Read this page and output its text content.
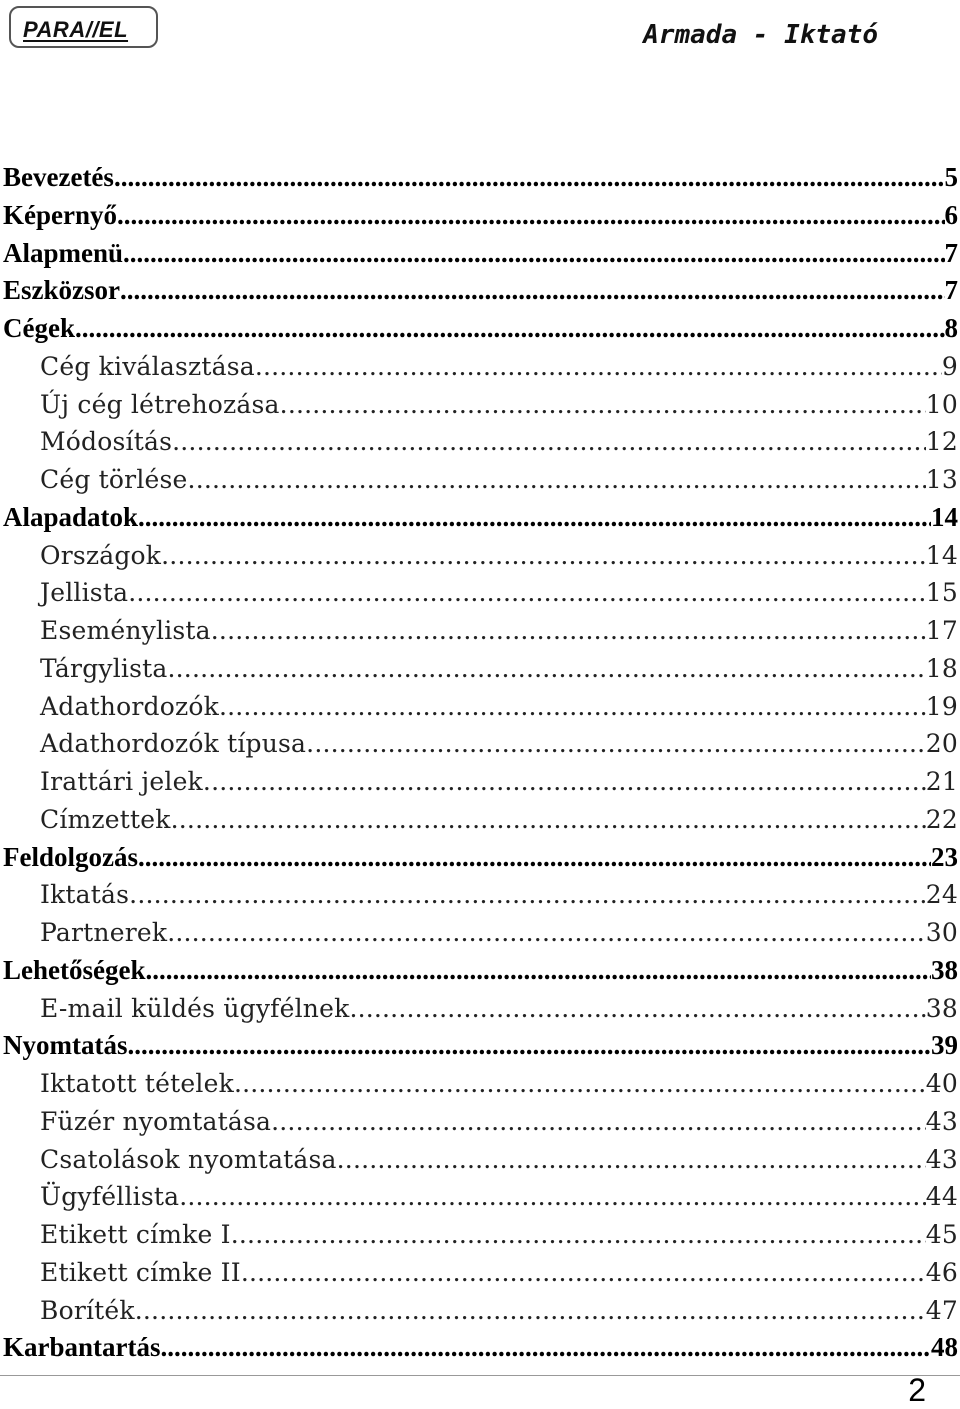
PARA//EL	Armada - Iktató
Bevezetés .....	5
Képernyő .....	6
Alapmenü .....	7
Eszközsor .....	7
Cégek .....	8
Cég kiválasztása .....	9
Új cég létrehozása .....	10
Módosítás .....	12
Cég törlése .....	13
Alapadatok .....	14
Országok .....	14
Jellista .....	15
Eseménylista .....	17
Tárgylista .....	18
Adathordozók .....	19
Adathordozók típusa .....	20
Irattári jelek .....	21
Címzettek .....	22
Feldolgozás .....	23
Iktatás .....	24
Partnerek .....	30
Lehetőségek .....	38
E-mail küldés ügyfélnek .....	38
Nyomtatás .....	39
Iktatott tételek .....	40
Füzér nyomtatása .....	43
Csatolások nyomtatása .....	43
Ügyféllista .....	44
Etikett címke I. .....	45
Etikett címke II. .....	46
Boríték .....	47
Karbantartás .....	48
2
